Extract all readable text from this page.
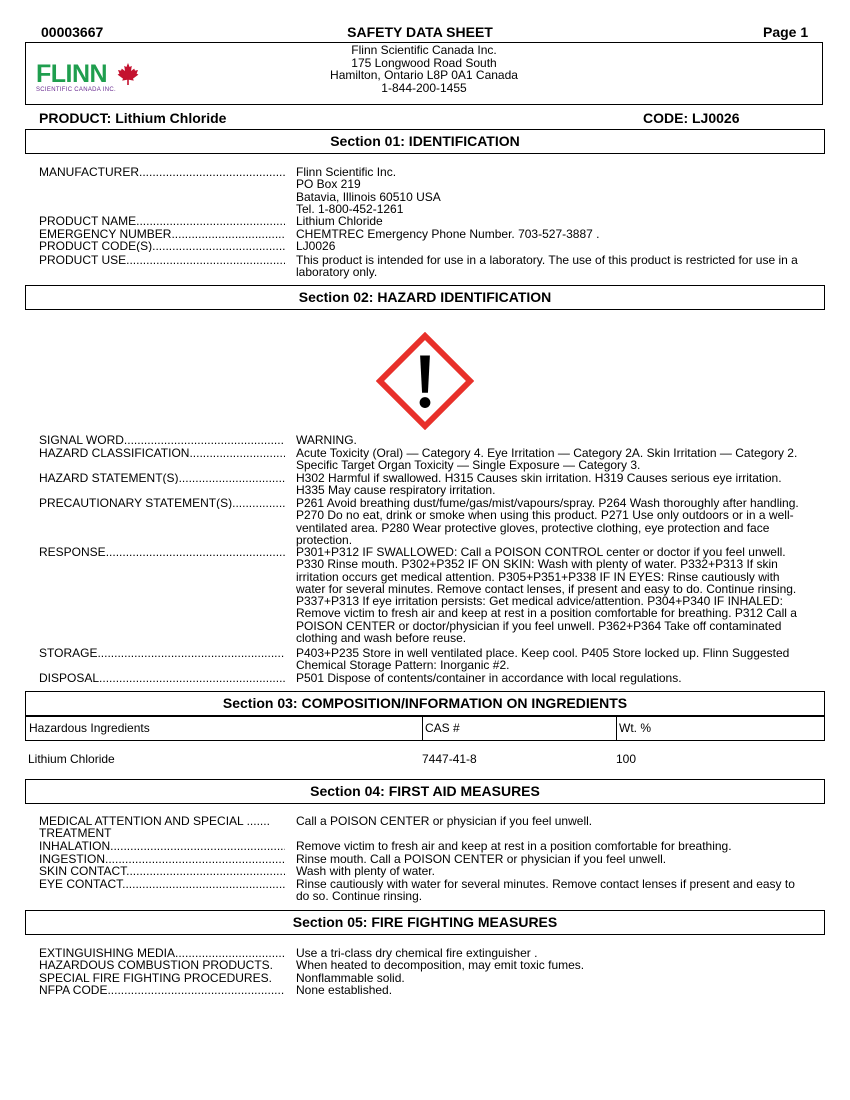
00003667	SAFETY DATA SHEET	Page 1
FLINN
SCIENTIFIC CANADA INC.
Flinn Scientific Canada Inc.
175 Longwood Road South
Hamilton, Ontario L8P 0A1 Canada
1-844-200-1455
PRODUCT: Lithium Chloride	CODE: LJ0026
Section 01: IDENTIFICATION
MANUFACTURER .....	Flinn Scientific Inc.
PO Box 219
Batavia, Illinois 60510 USA
Tel. 1-800-452-1261
PRODUCT NAME .....	Lithium Chloride
EMERGENCY NUMBER .....	CHEMTREC Emergency Phone Number. 703-527-3887 .
PRODUCT CODE(S) .....	LJ0026
PRODUCT USE .....	This product is intended for use in a laboratory. The use of this product is restricted for use in a laboratory only.
Section 02: HAZARD IDENTIFICATION
SIGNAL WORD .....	WARNING.
HAZARD CLASSIFICATION .....	Acute Toxicity (Oral) — Category 4. Eye Irritation — Category 2A. Skin Irritation — Category 2. Specific Target Organ Toxicity — Single Exposure — Category 3.
HAZARD STATEMENT(S) .....	H302 Harmful if swallowed. H315 Causes skin irritation. H319 Causes serious eye irritation. H335 May cause respiratory irritation.
PRECAUTIONARY STATEMENT(S) .....	P261 Avoid breathing dust/fume/gas/mist/vapours/spray. P264 Wash thoroughly after handling. P270 Do no eat, drink or smoke when using this product. P271 Use only outdoors or in a well-ventilated area. P280 Wear protective gloves, protective clothing, eye protection and face protection.
RESPONSE .....	P301+P312 IF SWALLOWED: Call a POISON CONTROL center or doctor if you feel unwell. P330 Rinse mouth. P302+P352 IF ON SKIN: Wash with plenty of water. P332+P313 If skin irritation occurs get medical attention. P305+P351+P338 IF IN EYES: Rinse cautiously with water for several minutes. Remove contact lenses, if present and easy to do. Continue rinsing. P337+P313 If eye irritation persists: Get medical advice/attention. P304+P340 IF INHALED: Remove victim to fresh air and keep at rest in a position comfortable for breathing. P312 Call a POISON CENTER or doctor/physician if you feel unwell. P362+P364 Take off contaminated clothing and wash before reuse.
STORAGE .....	P403+P235 Store in well ventilated place. Keep cool. P405 Store locked up. Flinn Suggested Chemical Storage Pattern: Inorganic #2.
DISPOSAL .....	P501 Dispose of contents/container in accordance with local regulations.
Section 03: COMPOSITION/INFORMATION ON INGREDIENTS
Hazardous Ingredients	CAS #	Wt. %
Lithium Chloride	7447-41-8	100
Section 04: FIRST AID MEASURES
MEDICAL ATTENTION AND SPECIAL .......	Call a POISON CENTER or physician if you feel unwell.
TREATMENT
INHALATION .....	Remove victim to fresh air and keep at rest in a position comfortable for breathing.
INGESTION .....	Rinse mouth. Call a POISON CENTER or physician if you feel unwell.
SKIN CONTACT .....	Wash with plenty of water.
EYE CONTACT .....	Rinse cautiously with water for several minutes. Remove contact lenses if present and easy to do so. Continue rinsing.
Section 05: FIRE FIGHTING MEASURES
EXTINGUISHING MEDIA .....	Use a tri-class dry chemical fire extinguisher .
HAZARDOUS COMBUSTION PRODUCTS.	When heated to decomposition, may emit toxic fumes.
SPECIAL FIRE FIGHTING PROCEDURES.	Nonflammable solid.
NFPA CODE .....	None established.
